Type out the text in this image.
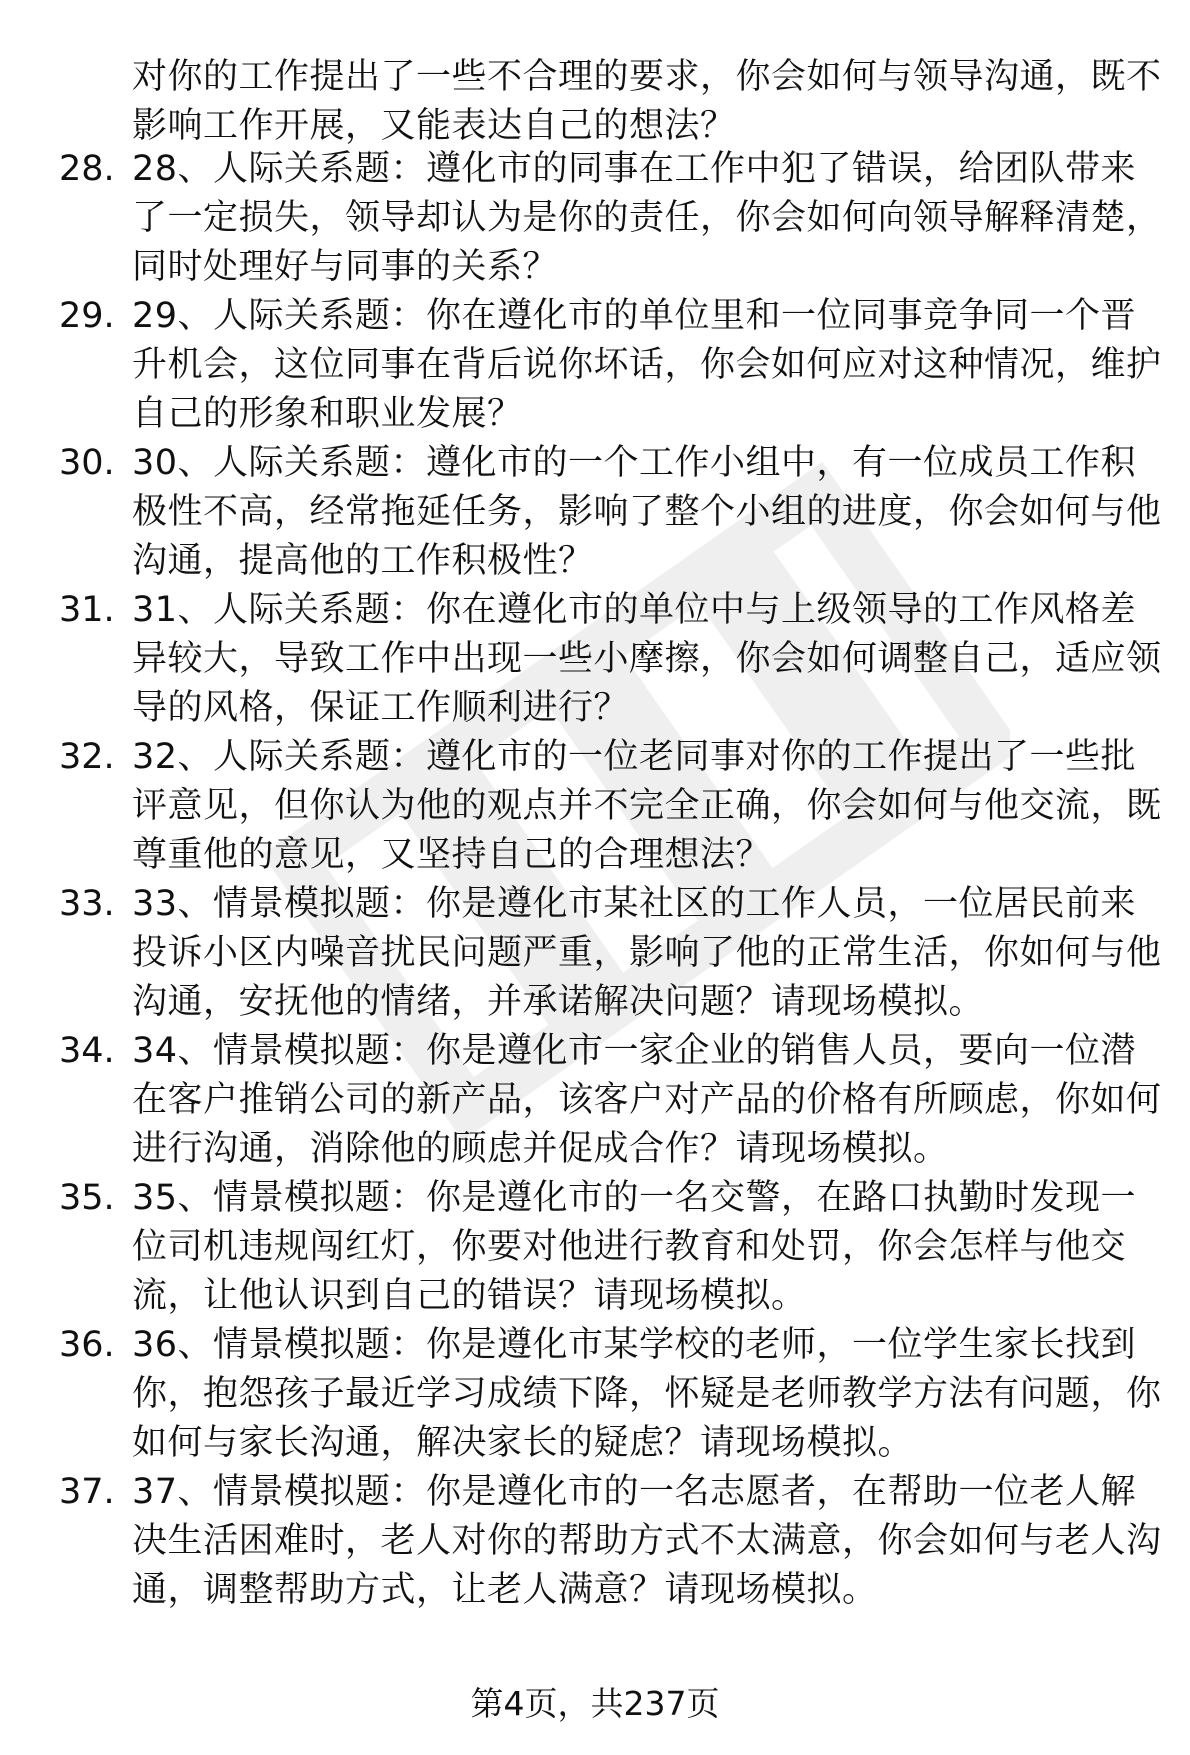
对你的工作提出了一些不合理的要求，你会如何与领导沟通，既不影响工作开展，又能表达自己的想法？
28. 28、人际关系题：遵化市的同事在工作中犯了错误，给团队带来了一定损失，领导却认为是你的责任，你会如何向领导解释清楚，同时处理好与同事的关系？
29. 29、人际关系题：你在遵化市的单位里和一位同事竞争同一个晋升机会，这位同事在背后说你坏话，你会如何应对这种情况，维护自己的形象和职业发展？
30. 30、人际关系题：遵化市的一个工作小组中，有一位成员工作积极性不高，经常拖延任务，影响了整个小组的进度，你会如何与他沟通，提高他的工作积极性？
31. 31、人际关系题：你在遵化市的单位中与上级领导的工作风格差异较大，导致工作中出现一些小摩擦，你会如何调整自己，适应领导的风格，保证工作顺利进行？
32. 32、人际关系题：遵化市的一位老同事对你的工作提出了一些批评意见，但你认为他的观点并不完全正确，你会如何与他交流，既尊重他的意见，又坚持自己的合理想法？
33. 33、情景模拟题：你是遵化市某社区的工作人员，一位居民前来投诉小区内噪音扰民问题严重，影响了他的正常生活，你如何与他沟通，安抚他的情绪，并承诺解决问题？请现场模拟。
34. 34、情景模拟题：你是遵化市一家企业的销售人员，要向一位潜在客户推销公司的新产品，该客户对产品的价格有所顾虑，你如何进行沟通，消除他的顾虑并促成合作？请现场模拟。
35. 35、情景模拟题：你是遵化市的一名交警，在路口执勤时发现一位司机违规闯红灯，你要对他进行教育和处罚，你会怎样与他交流，让他认识到自己的错误？请现场模拟。
36. 36、情景模拟题：你是遵化市某学校的老师，一位学生家长找到你，抱怨孩子最近学习成绩下降，怀疑是老师教学方法有问题，你如何与家长沟通，解决家长的疑虑？请现场模拟。
37. 37、情景模拟题：你是遵化市的一名志愿者，在帮助一位老人解决生活困难时，老人对你的帮助方式不太满意，你会如何与老人沟通，调整帮助方式，让老人满意？请现场模拟。
第4页，共237页
